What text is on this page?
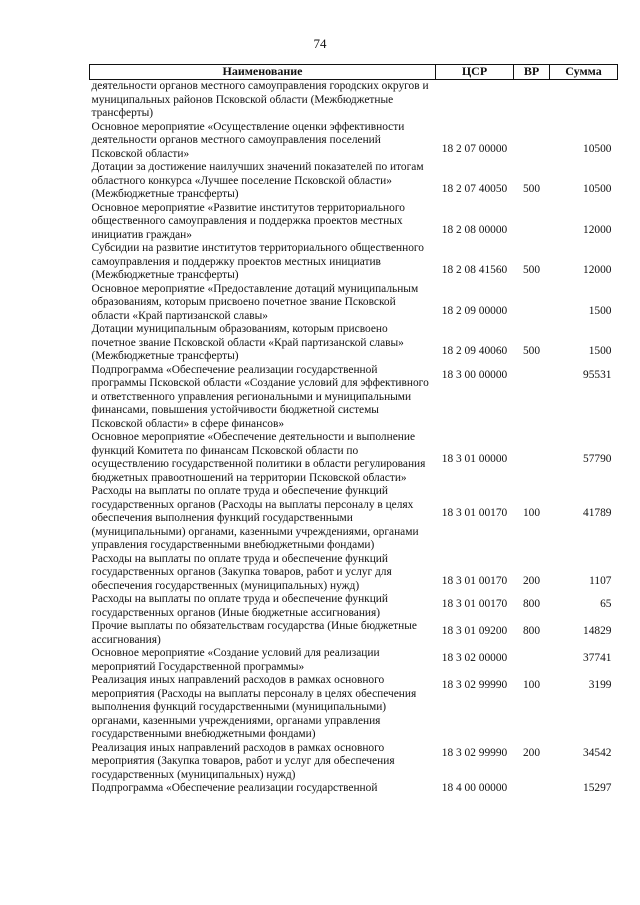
74
Наименование	ЦСР	ВР	Сумма
деятельности органов местного самоуправления городских округов и муниципальных районов Псковской области (Межбюджетные трансферты)			
Основное мероприятие «Осуществление оценки эффективности деятельности органов местного самоуправления поселений Псковской области»	18 2 07 00000		10500
Дотации за достижение наилучших значений показателей по итогам областного конкурса «Лучшее поселение Псковской области» (Межбюджетные трансферты)	18 2 07 40050	500	10500
Основное мероприятие «Развитие институтов территориального общественного самоуправления и поддержка проектов местных инициатив граждан»	18 2 08 00000		12000
Субсидии на развитие институтов территориального общественного самоуправления и поддержку проектов местных инициатив (Межбюджетные трансферты)	18 2 08 41560	500	12000
Основное мероприятие «Предоставление дотаций муниципальным образованиям, которым присвоено почетное звание Псковской области «Край партизанской славы»	18 2 09 00000		1500
Дотации муниципальным образованиям, которым присвоено почетное звание Псковской области «Край партизанской славы» (Межбюджетные трансферты)	18 2 09 40060	500	1500
Подпрограмма «Обеспечение реализации государственной программы Псковской области «Создание условий для эффективного и ответственного управления региональными и муниципальными финансами, повышения устойчивости бюджетной системы Псковской области» в сфере финансов»	18 3 00 00000		95531
Основное мероприятие «Обеспечение деятельности и выполнение функций Комитета по финансам Псковской области по осуществлению государственной политики в области регулирования бюджетных правоотношений на территории Псковской области»	18 3 01 00000		57790
Расходы на выплаты по оплате труда и обеспечение функций государственных органов (Расходы на выплаты персоналу в целях обеспечения выполнения функций государственными (муниципальными) органами, казенными учреждениями, органами управления государственными внебюджетными фондами)	18 3 01 00170	100	41789
Расходы на выплаты по оплате труда и обеспечение функций государственных органов (Закупка товаров, работ и услуг для обеспечения государственных (муниципальных) нужд)	18 3 01 00170	200	1107
Расходы на выплаты по оплате труда и обеспечение функций государственных органов (Иные бюджетные ассигнования)	18 3 01 00170	800	65
Прочие выплаты по обязательствам государства (Иные бюджетные ассигнования)	18 3 01 09200	800	14829
Основное мероприятие «Создание условий для реализации мероприятий Государственной программы»	18 3 02 00000		37741
Реализация иных направлений расходов в рамках основного мероприятия (Расходы на выплаты персоналу в целях обеспечения выполнения функций государственными (муниципальными) органами, казенными учреждениями, органами управления государственными внебюджетными фондами)	18 3 02 99990	100	3199
Реализация иных направлений расходов в рамках основного мероприятия (Закупка товаров, работ и услуг для обеспечения государственных (муниципальных) нужд)	18 3 02 99990	200	34542
Подпрограмма «Обеспечение реализации государственной	18 4 00 00000		15297
